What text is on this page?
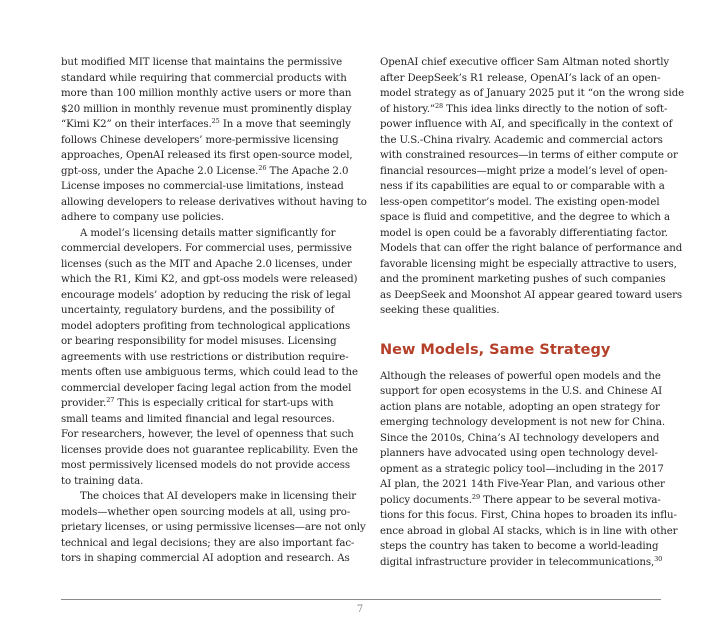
but modified MIT license that maintains the permissive
standard while requiring that commercial products with
more than 100 million monthly active users or more than
$20 million in monthly revenue must prominently display
“Kimi K2” on their interfaces.$^{25}$ In a move that seemingly
follows Chinese developers’ more-permissive licensing
approaches, OpenAI released its first open-source model,
gpt-oss, under the Apache 2.0 License.$^{26}$ The Apache 2.0
License imposes no commercial-use limitations, instead
allowing developers to release derivatives without having to
adhere to company use policies.
A model’s licensing details matter significantly for
commercial developers. For commercial uses, permissive
licenses (such as the MIT and Apache 2.0 licenses, under
which the R1, Kimi K2, and gpt-oss models were released)
encourage models’ adoption by reducing the risk of legal
uncertainty, regulatory burdens, and the possibility of
model adopters profiting from technological applications
or bearing responsibility for model misuses. Licensing
agreements with use restrictions or distribution require-
ments often use ambiguous terms, which could lead to the
commercial developer facing legal action from the model
provider.$^{27}$ This is especially critical for start-ups with
small teams and limited financial and legal resources.
For researchers, however, the level of openness that such
licenses provide does not guarantee replicability. Even the
most permissively licensed models do not provide access
to training data.
The choices that AI developers make in licensing their
models—whether open sourcing models at all, using pro-
prietary licenses, or using permissive licenses—are not only
technical and legal decisions; they are also important fac-
tors in shaping commercial AI adoption and research. As
OpenAI chief executive officer Sam Altman noted shortly
after DeepSeek’s R1 release, OpenAI’s lack of an open-
model strategy as of January 2025 put it “on the wrong side
of history.”$^{28}$ This idea links directly to the notion of soft-
power influence with AI, and specifically in the context of
the U.S.-China rivalry. Academic and commercial actors
with constrained resources—in terms of either compute or
financial resources—might prize a model’s level of open-
ness if its capabilities are equal to or comparable with a
less-open competitor’s model. The existing open-model
space is fluid and competitive, and the degree to which a
model is open could be a favorably differentiating factor.
Models that can offer the right balance of performance and
favorable licensing might be especially attractive to users,
and the prominent marketing pushes of such companies
as DeepSeek and Moonshot AI appear geared toward users
seeking these qualities.
New Models, Same Strategy
Although the releases of powerful open models and the
support for open ecosystems in the U.S. and Chinese AI
action plans are notable, adopting an open strategy for
emerging technology development is not new for China.
Since the 2010s, China’s AI technology developers and
planners have advocated using open technology devel-
opment as a strategic policy tool—including in the 2017
AI plan, the 2021 14th Five-Year Plan, and various other
policy documents.$^{29}$ There appear to be several motiva-
tions for this focus. First, China hopes to broaden its influ-
ence abroad in global AI stacks, which is in line with other
steps the country has taken to become a world-leading
digital infrastructure provider in telecommunications,$^{30}$
7
